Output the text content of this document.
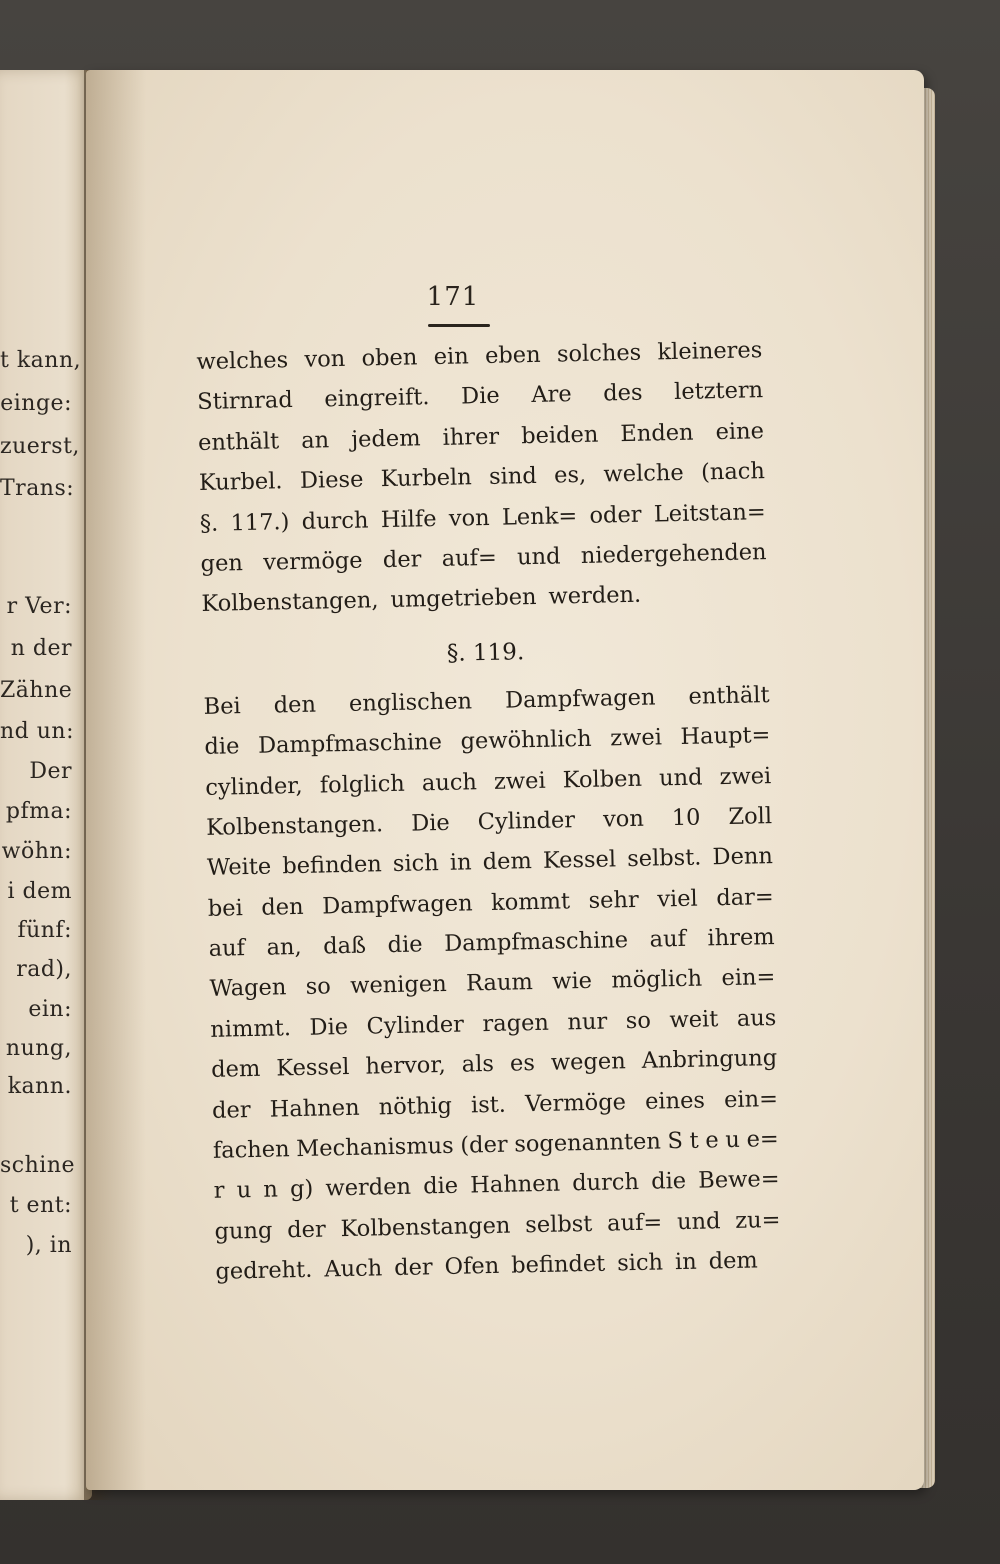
t kann,
einge:
zuerst,
Trans:
r Ver:
n der
Zähne
nd un:
Der
pfma:
wöhn:
i dem
fünf:
rad),
ein:
nung,
kann.
schine
t ent:
), in
171
welches von oben ein eben solches kleineres
Stirnrad eingreift. Die Are des letztern
enthält an jedem ihrer beiden Enden eine
Kurbel. Diese Kurbeln sind es, welche (nach
§. 117.) durch Hilfe von Lenk= oder Leitstan=
gen vermöge der auf= und niedergehenden
Kolbenstangen, umgetrieben werden.
§. 119.
Bei den englischen Dampfwagen enthält
die Dampfmaschine gewöhnlich zwei Haupt=
cylinder, folglich auch zwei Kolben und zwei
Kolbenstangen. Die Cylinder von 10 Zoll
Weite befinden sich in dem Kessel selbst. Denn
bei den Dampfwagen kommt sehr viel dar=
auf an, daß die Dampfmaschine auf ihrem
Wagen so wenigen Raum wie möglich ein=
nimmt. Die Cylinder ragen nur so weit aus
dem Kessel hervor, als es wegen Anbringung
der Hahnen nöthig ist. Vermöge eines ein=
fachen Mechanismus (der sogenannten S t e u e=
r u n g) werden die Hahnen durch die Bewe=
gung der Kolbenstangen selbst auf= und zu=
gedreht. Auch der Ofen befindet sich in dem
